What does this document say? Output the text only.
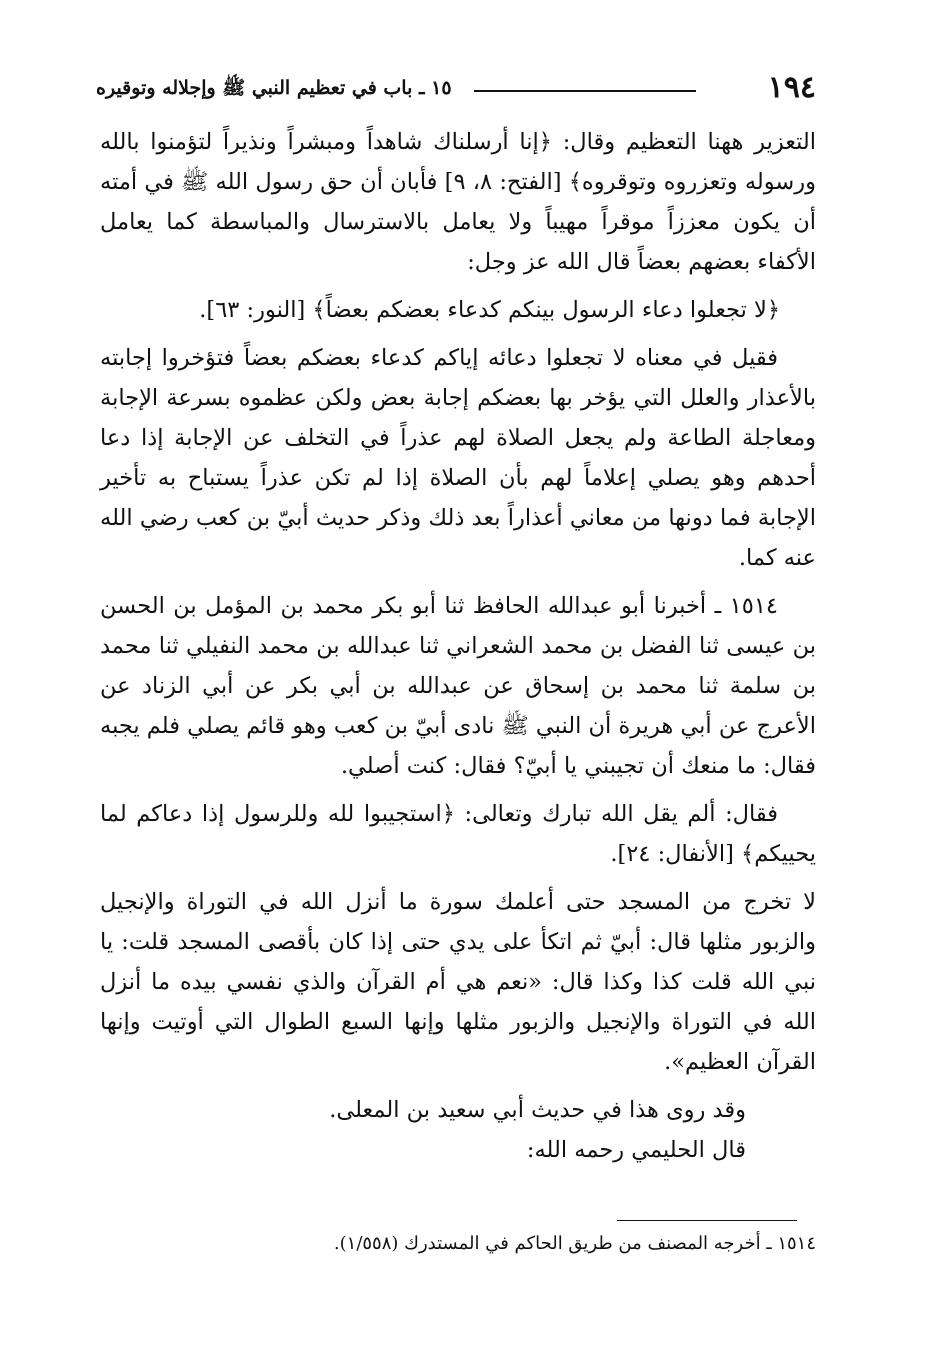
١٩٤
١٥ ـ باب في تعظيم النبي ﷺ وإجلاله وتوقيره

التعزير ههنا التعظيم وقال: ﴿إنا أرسلناك شاهداً ومبشراً ونذيراً لتؤمنوا بالله ورسوله وتعزروه وتوقروه﴾ [الفتح: ٨، ٩] فأبان أن حق رسول الله ﷺ في أمته أن يكون معززاً موقراً مهيباً ولا يعامل بالاسترسال والمباسطة كما يعامل الأكفاء بعضهم بعضاً قال الله عز وجل:

﴿لا تجعلوا دعاء الرسول بينكم كدعاء بعضكم بعضاً﴾ [النور: ٦٣].

فقيل في معناه لا تجعلوا دعائه إياكم كدعاء بعضكم بعضاً فتؤخروا إجابته بالأعذار والعلل التي يؤخر بها بعضكم إجابة بعض ولكن عظموه بسرعة الإجابة ومعاجلة الطاعة ولم يجعل الصلاة لهم عذراً في التخلف عن الإجابة إذا دعا أحدهم وهو يصلي إعلاماً لهم بأن الصلاة إذا لم تكن عذراً يستباح به تأخير الإجابة فما دونها من معاني أعذاراً بعد ذلك وذكر حديث أبيّ بن كعب رضي الله عنه كما.

١٥١٤ ـ أخبرنا أبو عبدالله الحافظ ثنا أبو بكر محمد بن المؤمل بن الحسن بن عيسى ثنا الفضل بن محمد الشعراني ثنا عبدالله بن محمد النفيلي ثنا محمد بن سلمة ثنا محمد بن إسحاق عن عبدالله بن أبي بكر عن أبي الزناد عن الأعرج عن أبي هريرة أن النبي ﷺ نادى أبيّ بن كعب وهو قائم يصلي فلم يجبه فقال: ما منعك أن تجيبني يا أبيّ؟ فقال: كنت أصلي.

فقال: ألم يقل الله تبارك وتعالى: ﴿استجيبوا لله وللرسول إذا دعاكم لما يحييكم﴾ [الأنفال: ٢٤].

لا تخرج من المسجد حتى أعلمك سورة ما أنزل الله في التوراة والإنجيل والزبور مثلها قال: أبيّ ثم اتكأ على يدي حتى إذا كان بأقصى المسجد قلت: يا نبي الله قلت كذا وكذا قال: «نعم هي أم القرآن والذي نفسي بيده ما أنزل الله في التوراة والإنجيل والزبور مثلها وإنها السبع الطوال التي أوتيت وإنها القرآن العظيم».

وقد روى هذا في حديث أبي سعيد بن المعلى.

قال الحليمي رحمه الله:

١٥١٤ ـ أخرجه المصنف من طريق الحاكم في المستدرك (١/٥٥٨).
